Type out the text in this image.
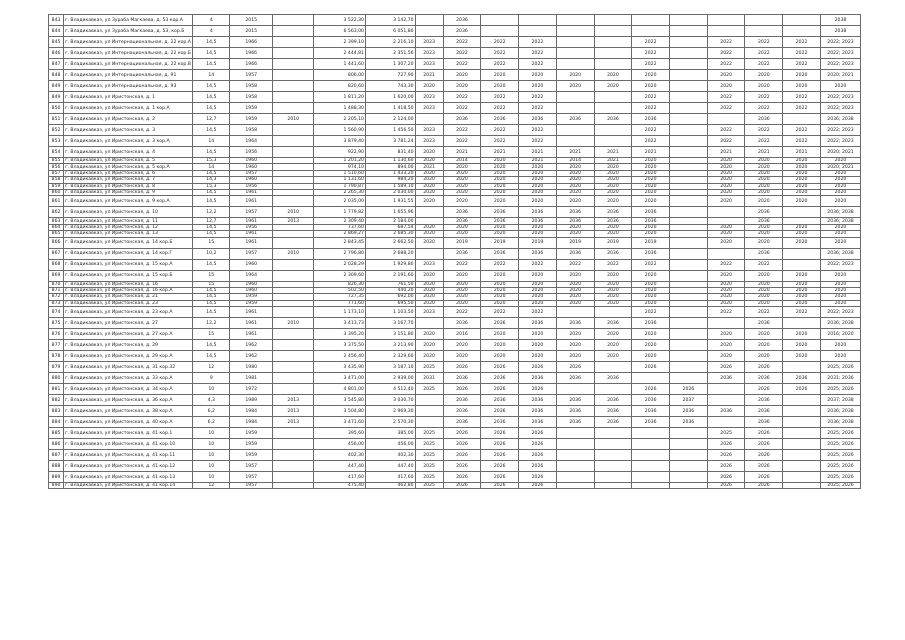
843	г. Владикавказ, ул Зураба Магкаева, д. 53 кор.А	4	2015		3 522,30	3 142,70		2036										2038
844	г. Владикавказ, ул Зураба Магкаева, д. 53, кор.Б	4	2015		6 563,00	6 051,80		2036										2038
845	г. Владикавказ, ул Интернациональная, д. 22 кор.А	14,5	1966		2 399,10	2 216,10	2023	2022	2022	2022			2022		2022	2022	2022	2022; 2023
846	г. Владикавказ, ул Интернациональная, д. 22 кор.Б	14,5	1966		2 444,81	2 351,56	2023	2022	2022	2022			2022		2022	2022	2022	2022; 2023
847	г. Владикавказ, ул Интернациональная, д. 22 кор.В	14,5	1966		1 441,60	1 307,20	2023	2022	2022	2022			2022		2022	2022	2022	2022; 2023
848	г. Владикавказ, ул Интернациональная, д. 91	14	1957		806,00	727,90	2021	2020	2020	2020	2020	2020	2020		2020	2020	2020	2020; 2021
849	г. Владикавказ, ул Интернациональная, д. 93	14,5	1958		820,60	743,30	2020	2020	2020	2020	2020	2020	2020		2020	2020	2020	2020
849	г. Владикавказ, ул Иристонская, д. 1	14,5	1958		1 811,20	1 620,00	2023	2022	2022	2022			2022		2022	2022	2022	2022; 2023
850	г. Владикавказ, ул Иристонская, д. 1 кор.А	14,5	1959		1 488,30	1 418,50	2023	2022	2022	2022			2022		2022	2022	2022	2022; 2023
851	г. Владикавказ, ул Иристонская, д. 2	12,7	1959	2010	2 205,10	2 124,00		2036	2036	2036	2036	2036	2036			2036		2036; 2038
852	г. Владикавказ, ул Иристонская, д. 3	14,5	1958		1 560,90	1 456,50	2023	2022	2022	2022			2022		2022	2022	2022	2022; 2023
853	г. Владикавказ, ул Иристонская, д. 3 кор.А	14	1964		3 879,40	3 781,24	2023	2022	2022	2022			2022		2022	2022	2022	2022; 2023
854	г. Владикавказ, ул Иристонская, д. 4	14,5	1956		922,90	831,40	2020	2021	2021	2021	2021	2021	2021		2021	2021	2021	2020; 2021
855	г. Владикавказ, ул Иристонская, д. 5	15,3	1960		1 201,20	1 130,60	2020	2014	2020	2021	2014	2021	2020		2020	2020	2020	2020
856	г. Владикавказ, ул Иристонская, д. 5 кор.А	14	1960		974,10	894,00	2021	2020	2020	2020	2020	2020	2020		2020	2020	2020	2020; 2021
857	г. Владикавказ, ул Иристонская, д. 6	14,5	1957		1 510,60	1 433,20	2020	2020	2020	2020	2020	2020	2020		2020	2020	2020	2020
858	г. Владикавказ, ул Иристонская, д. 7	14,3	1960		1 131,60	984,20	2020	2020	2020	2020	2020	2020	2020		2020	2020	2020	2020
859	г. Владикавказ, ул Иристонская, д. 8	15,3	1956		1 790,87	1 589,10	2020	2020	2020	2020	2020	2020	2020		2020	2020	2020	2020
860	г. Владикавказ, ул Иристонская, д. 9	14,5	1961		2 265,30	2 030,00	2020	2020	2020	2020	2020	2020	2020		2020	2020	2020	2020
861	г. Владикавказ, ул Иристонская, д. 9 кор.А	14,5	1961		2 035,00	1 931,55	2020	2020	2020	2020	2020	2020	2020		2020	2020	2020	2020
862	г. Владикавказ, ул Иристонская, д. 10	12,2	1957	2010	1 779,82	1 655,96		2036	2036	2036	2036	2036	2036			2036		2036; 2038
863	г. Владикавказ, ул Иристонская, д. 11	12,7	1961	2013	2 309,40	2 184,00		2036	2036	2036	2036	2036	2036			2036		2036; 2038
864	г. Владикавказ, ул Иристонская, д. 12	14,5	1956		737,60	687,54	2020	2020	2020	2020	2020	2020	2020		2020	2020	2020	2020
865	г. Владикавказ, ул Иристонская, д. 13	14,5	1961		2 869,27	2 685,30	2020	2020	2020	2020	2020	2020	2020		2020	2020	2020	2020
866	г. Владикавказ, ул Иристонская, д. 14 кор.Б	15	1961		2 843,45	2 662,50	2020	2019	2019	2019	2019	2019	2019		2020	2020	2020	2020
867	г. Владикавказ, ул Иристонская, д. 14 кор.Г	10,2	1957	2010	2 796,80	2 688,20		2036	2036	2036	2036	2036	2036			2036		2036; 2038
868	г. Владикавказ, ул Иристонская, д. 15 кор.А	14,5	1960		2 028,29	1 929,80	2023	2022	2022	2022	2022	2022	2022		2022	2022		2022; 2023
869	г. Владикавказ, ул Иристонская, д. 15 кор.Б	15	1964		2 309,60	2 191,60	2020	2020	2020	2020	2020	2020	2020		2020	2020	2020	2020
870	г. Владикавказ, ул Иристонская, д. 16	15	1960		826,30	761,50	2020	2020	2020	2020	2020	2020	2020		2020	2020	2020	2020
871	г. Владикавказ, ул Иристонская, д. 16 кор.А	14,5	1960		502,50	440,20	2020	2020	2020	2020	2020	2020	2020		2020	2020	2020	2020
872	г. Владикавказ, ул Иристонская, д. 21	14,5	1959		727,35	692,00	2020	2020	2020	2020	2020	2020	2020		2020	2020	2020	2020
873	г. Владикавказ, ул Иристонская, д. 23	14,5	1959		771,60	695,50	2020	2020	2020	2020	2020	2020	2020		2020	2020	2020	2020
874	г. Владикавказ, ул Иристонская, д. 23 кор.А	14,5	1961		1 173,10	1 103,50	2023	2022	2022	2022			2022		2022	2022	2022	2022; 2023
875	г. Владикавказ, ул Иристонская, д. 27	12,2	1961	2010	3 413,73	3 167,70		2036	2036	2036	2036	2036	2036			2036		2036; 2038
876	г. Владикавказ, ул Иристонская, д. 27 кор.А	15	1961		3 395,20	3 151,80	2020	2016	2020	2020	2020	2020	2020		2020	2020	2020	2016; 2020
877	г. Владикавказ, ул Иристонская, д. 29	14,5	1962		3 375,50	3 213,90	2020	2020	2020	2020	2020	2020	2020		2020	2020	2020	2020
878	г. Владикавказ, ул Иристонская, д. 29 кор.А	14,5	1962		2 456,40	2 329,60	2020	2020	2020	2020	2020	2020	2020		2020	2020	2020	2020
879	г. Владикавказ, ул Иристонская, д. 31 кор.32	12	1980		3 435,90	3 187,10	2025	2026	2026	2026	2026		2026		2026	2026		2025; 2026
880	г. Владикавказ, ул Иристонская, д. 33 кор.А	9	1981		3 471,00	2 939,00	2031	2036	2036	2036	2036	2036			2036	2036	2036	2031; 2036
881	г. Владикавказ, ул Иристонская, д. 34 кор.А	10	1972		4 801,00	4 512,40	2025	2026	2026	2026			2026	2026		2026	2026	2025; 2026
882	г. Владикавказ, ул Иристонская, д. 36 кор.А	4,3	1989	2013	3 545,80	3 030,70		2036	2036	2036	2036	2036	2036	2037		2036		2037; 2038
883	г. Владикавказ, ул Иристонская, д. 38 кор.А	6,2	1984	2013	3 504,80	2 969,30		2036	2036	2036	2036	2036	2036	2036	2036	2036		2036; 2038
884	г. Владикавказ, ул Иристонская, д. 40 кор.А	6,2	1984	2013	3 471,60	2 570,30		2036	2036	2036	2036	2036	2036	2036		2036		2036; 2038
885	г. Владикавказ, ул Иристонская, д. 41 кор.1	10	1959		395,60	385,00	2025	2026	2026	2026					2025	2026		2025; 2026
886	г. Владикавказ, ул Иристонская, д. 41 кор.10	10	1959		456,00	456,00	2025	2026	2026	2026					2026	2026		2025; 2026
887	г. Владикавказ, ул Иристонская, д. 41 кор.11	10	1959		402,30	402,30	2025	2026	2026	2026					2026	2026		2025; 2026
888	г. Владикавказ, ул Иристонская, д. 41 кор.12	10	1957		447,40	447,40	2025	2026	2026	2026					2026	2026		2025; 2026
889	г. Владикавказ, ул Иристонская, д. 41 кор.13	10	1957		417,60	417,60	2025	2026	2026	2026					2026	2026		2025; 2026
890	г. Владикавказ, ул Иристонская, д. 41 кор.14	12	1957		475,40	462,80	2025	2026	2026	2026					2026	2026		2025; 2026
